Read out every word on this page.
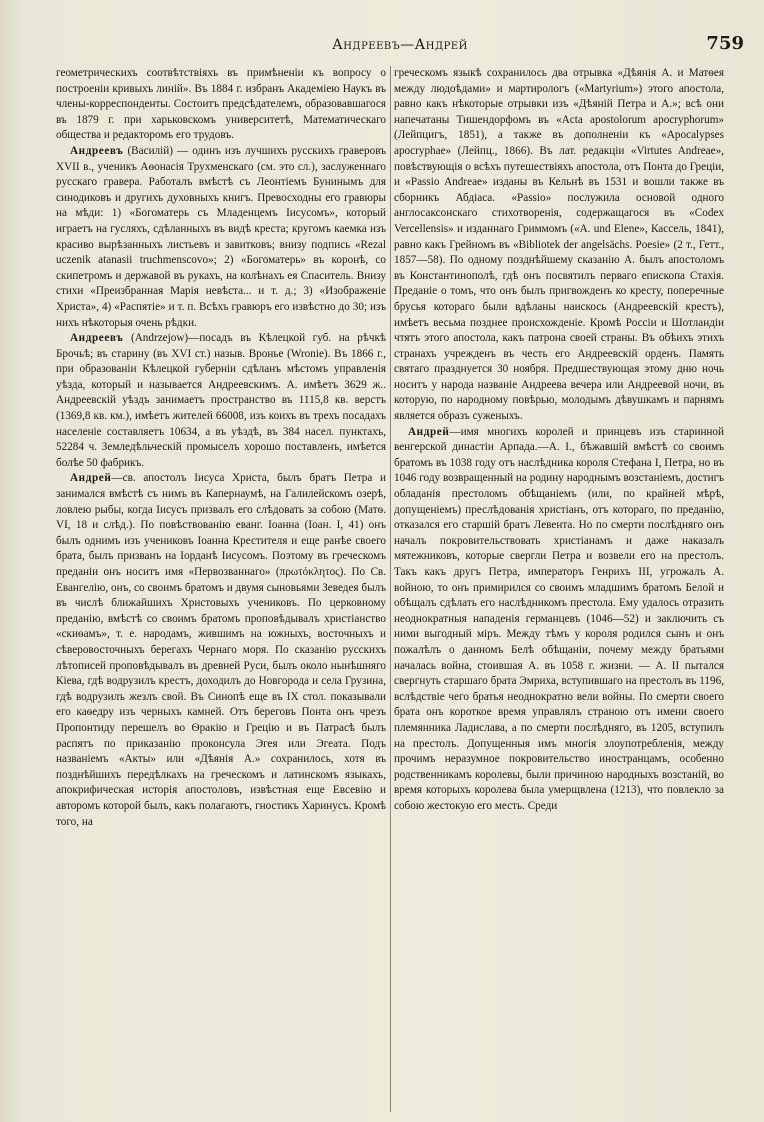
Андреевъ—Андрей	759

геометрическихъ соотвѣтствіяхъ въ примѣненіи къ вопросу о построеніи кривыхъ линій». Въ 1884 г. избранъ Академіею Наукъ въ члены-корреспонденты. Состоитъ предсѣдателемъ, образовавшагося въ 1879 г. при харьковскомъ университетѣ, Математическаго общества и редакторомъ его трудовъ.

Андреевъ (Василій) — одинъ изъ лучшихъ русскихъ граверовъ XVII в., ученикъ Аѳонасія Трухменскаго (см. это сл.), заслуженнаго русскаго гравера. Работалъ вмѣстѣ съ Леонтіемъ Бунинымъ для синодиковъ и другихъ духовныхъ книгъ. Превосходны его гравюры на мѣди: 1) «Богоматерь съ Младенцемъ Іисусомъ», который играетъ на гусляхъ, сдѣланныхъ въ видѣ креста; кругомъ каемка изъ красиво вырѣзанныхъ листьевъ и завитковъ; внизу подпись «Rezal uczenik atanasii truchmenscovo»; 2) «Богоматерь» въ коронѣ, со скипетромъ и державой въ рукахъ, на колѣнахъ ея Спаситель. Внизу стихи «Преизбранная Марія невѣста... и т. д.; 3) «Изображеніе Христа», 4) «Распятіе» и т. п. Всѣхъ гравюръ его извѣстно до 30; изъ нихъ нѣкоторыя очень рѣдки.

Андреевъ (Andrzejow)—посадъ въ Кѣлецкой губ. на рѣчкѣ Брочьѣ; въ старину (въ XVI ст.) назыв. Вроньe (Wronie). Въ 1866 г., при образованіи Кѣлецкой губерніи сдѣланъ мѣстомъ управленія уѣзда, который и называется Андреевскимъ. А. имѣетъ 3629 ж.. Андреевскій уѣздъ занимаетъ пространство въ 1115,8 кв. верстъ (1369,8 кв. км.), имѣетъ жителей 66008, изъ коихъ въ трехъ посадахъ населеніе составляетъ 10634, а въ уѣздѣ, въ 384 насел. пунктахъ, 52284 ч. Земледѣльческій промыселъ хорошо поставленъ, имѣется болѣе 50 фабрикъ.

Андрей—св. апостолъ Іисуса Христа, былъ братъ Петра и занимался вмѣстѣ съ нимъ въ Капернаумѣ, на Галилейскомъ озерѣ, ловлею рыбы, когда Іисусъ призвалъ его слѣдовать за собою (Матѳ. VI, 18 и слѣд.). По повѣствованію еванг. Іоанна (Іоан. I, 41) онъ былъ однимъ изъ учениковъ Іоанна Крестителя и еще ранѣе своего брата, былъ призванъ на Іорданѣ Іисусомъ. Поэтому въ греческомъ преданіи онъ носитъ имя «Первозваннаго» (πρωτόκλητος). По Св. Евангелію, онъ, со своимъ братомъ и двумя сыновьями Зеведея былъ въ числѣ ближайшихъ Христовыхъ учениковъ. По церковному преданію, вмѣстѣ со своимъ братомъ проповѣдывалъ христіанство «скиѳамъ», т. е. народамъ, жившимъ на южныхъ, восточныхъ и сѣверовосточныхъ берегахъ Чернаго моря. По сказанію русскихъ лѣтописей проповѣдывалъ въ древней Руси, былъ около нынѣшняго Кіева, гдѣ водрузилъ крестъ, доходилъ до Новгорода и села Грузина, гдѣ водрузилъ жезлъ свой. Въ Синопѣ еще въ IX стол. показывали его каѳедру изъ черныхъ камней. Отъ береговъ Понта онъ чрезъ Пропонтиду перешелъ во Ѳракію и Грецію и въ Патрасѣ былъ распятъ по приказанію проконсула Эгея или Эгеата. Подъ названіемъ «Акты» или «Дѣянія А.» сохранилось, хотя въ позднѣйшихъ передѣлкахъ на греческомъ и латинскомъ языкахъ, апокрифическая исторія апостоловъ, извѣстная еще Евсевію и авторомъ которой былъ, какъ полагаютъ, гностикъ Харинусъ. Кромѣ того, на

греческомъ языкѣ сохранилось два отрывка «Дѣянія А. и Матѳея между людоѣдами» и мартирологъ («Martyrium») этого апостола, равно какъ нѣкоторые отрывки изъ «Дѣяній Петра и А.»; всѣ они напечатаны Тишендорфомъ въ «Acta apostolorum apocryphorum» (Лейпцигъ, 1851), а также въ дополненіи къ «Apocalypses apocryphae» (Лейпц., 1866). Въ лат. редакціи «Virtutes Andreae», повѣствующія о всѣхъ путешествіяхъ апостола, отъ Понта до Греціи, и «Passio Andreae» изданы въ Кельнѣ въ 1531 и вошли также въ сборникъ Абдіаса. «Passio» послужила основой одного англосаксонскаго стихотворенія, содержащагося въ «Codex Vercellensis» и изданнаго Гриммомъ («A. und Elene», Кассель, 1841), равно какъ Грейномъ въ «Bibliotek der angelsächs. Poesie» (2 т., Гетт., 1857—58). По одному позднѣйшему сказанію А. былъ апостоломъ въ Константинополѣ, гдѣ онъ посвятилъ перваго епископа Стахія. Преданіе о томъ, что онъ былъ пригвожденъ ко кресту, поперечные брусья котораго были вдѣланы наискось (Андреевскій крестъ), имѣетъ весьма позднее происхожденіе. Кромѣ Россіи и Шотландіи чтятъ этого апостола, какъ патрона своей страны. Въ обѣихъ этихъ странахъ учрежденъ въ честь его Андреевскій орденъ. Память святаго празднуется 30 ноября. Предшествующая этому дню ночь носитъ у народа названіе Андреева вечера или Андреевой ночи, въ которую, по народному повѣрью, молодымъ дѣвушкамъ и парнямъ является образъ суженыхъ.

Андрей—имя многихъ королей и принцевъ изъ старинной венгерской династіи Арпада.—А. I., бѣжавшій вмѣстѣ со своимъ братомъ въ 1038 году отъ наслѣдника короля Стефана I, Петра, но въ 1046 году возвращенный на родину народнымъ возстаніемъ, достигъ обладанія престоломъ обѣщаніемъ (или, по крайней мѣрѣ, допущеніемъ) преслѣдованія христіанъ, отъ котораго, по преданію, отказался его старшій братъ Левента. Но по смерти послѣдняго онъ началъ покровительствовать христіанамъ и даже наказалъ мятежниковъ, которые свергли Петра и возвели его на престолъ. Такъ какъ другъ Петра, императоръ Генрихъ III, угрожалъ А. войною, то онъ примирился со своимъ младшимъ братомъ Белой и обѣщалъ сдѣлать его наслѣдникомъ престола. Ему удалось отразить неоднократныя нападенія германцевъ (1046—52) и заключить съ ними выгодный міръ. Между тѣмъ у короля родился сынъ и онъ пожалѣлъ о данномъ Белѣ обѣщаніи, почему между братьями началась война, стоившая А. въ 1058 г. жизни. — А. II пытался свергнуть старшаго брата Эмриха, вступившаго на престолъ въ 1196, вслѣдствіе чего братья неоднократно вели войны. По смерти своего брата онъ короткое время управлялъ страною отъ имени своего племянника Ладислава, а по смерти послѣдняго, въ 1205, вступилъ на престолъ. Допущенныя имъ многія злоупотребленія, между прочимъ неразумное покровительство иностранцамъ, особенно родственникамъ королевы, были причиною народныхъ возстаній, во время которыхъ королева была умерщвлена (1213), что повлекло за собою жестокую его месть. Среди
